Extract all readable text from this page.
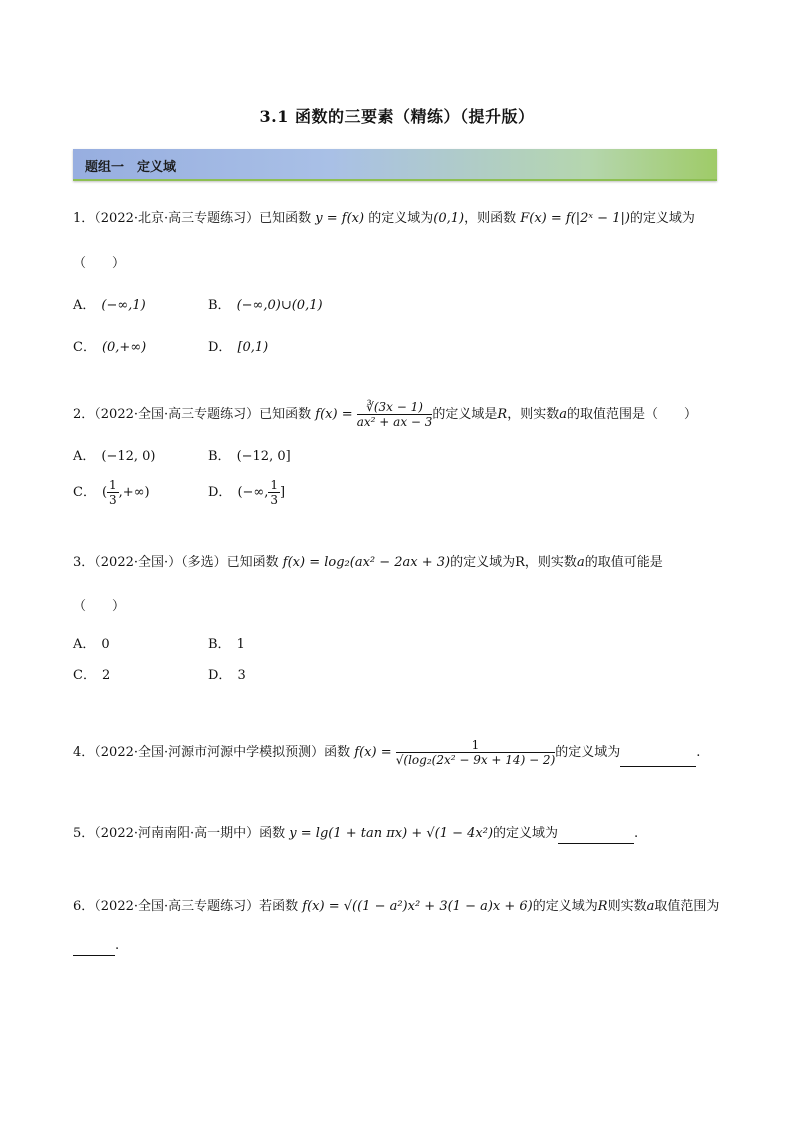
3.1 函数的三要素（精练）（提升版）
题组一　定义域
1．（2022·北京·高三专题练习）已知函数 y = f(x) 的定义域为(0,1)，则函数 F(x) = f(|2ˣ − 1|)的定义域为
（　　）
A． (−∞,1)	B． (−∞,0)∪(0,1)
C． (0,+∞)	D． [0,1)
2．（2022·全国·高三专题练习）已知函数 $f(x) = \frac{∛(3x - 1)}{\text{ax² + ax − 3}}$ 的定义域是R，则实数a的取值范围是（　　）
A． (−12, 0)	B． (−12, 0]
C． ( $\frac{1}{3}$ ,+∞)	D． (−∞, $\frac{1}{3}$ ]
3．（2022·全国·）（多选）已知函数 f(x) = log₂(ax² − 2ax + 3)的定义域为R，则实数a的取值可能是
（　　）
A． 0	B． 1
C． 2	D． 3
4．（2022·全国·河源市河源中学模拟预测）函数 $f(x) = \frac{1}{\text{√(log₂(2x² − 9x + 14) − 2)}}$ 的定义域为	.
5．（2022·河南南阳·高一期中）函数 y = lg(1 + tan πx) + √(1 − 4x²)的定义域为	.
6．（2022·全国·高三专题练习）若函数 f(x) = √((1 − a²)x² + 3(1 − a)x + 6)的定义域为R则实数a取值范围为
.
